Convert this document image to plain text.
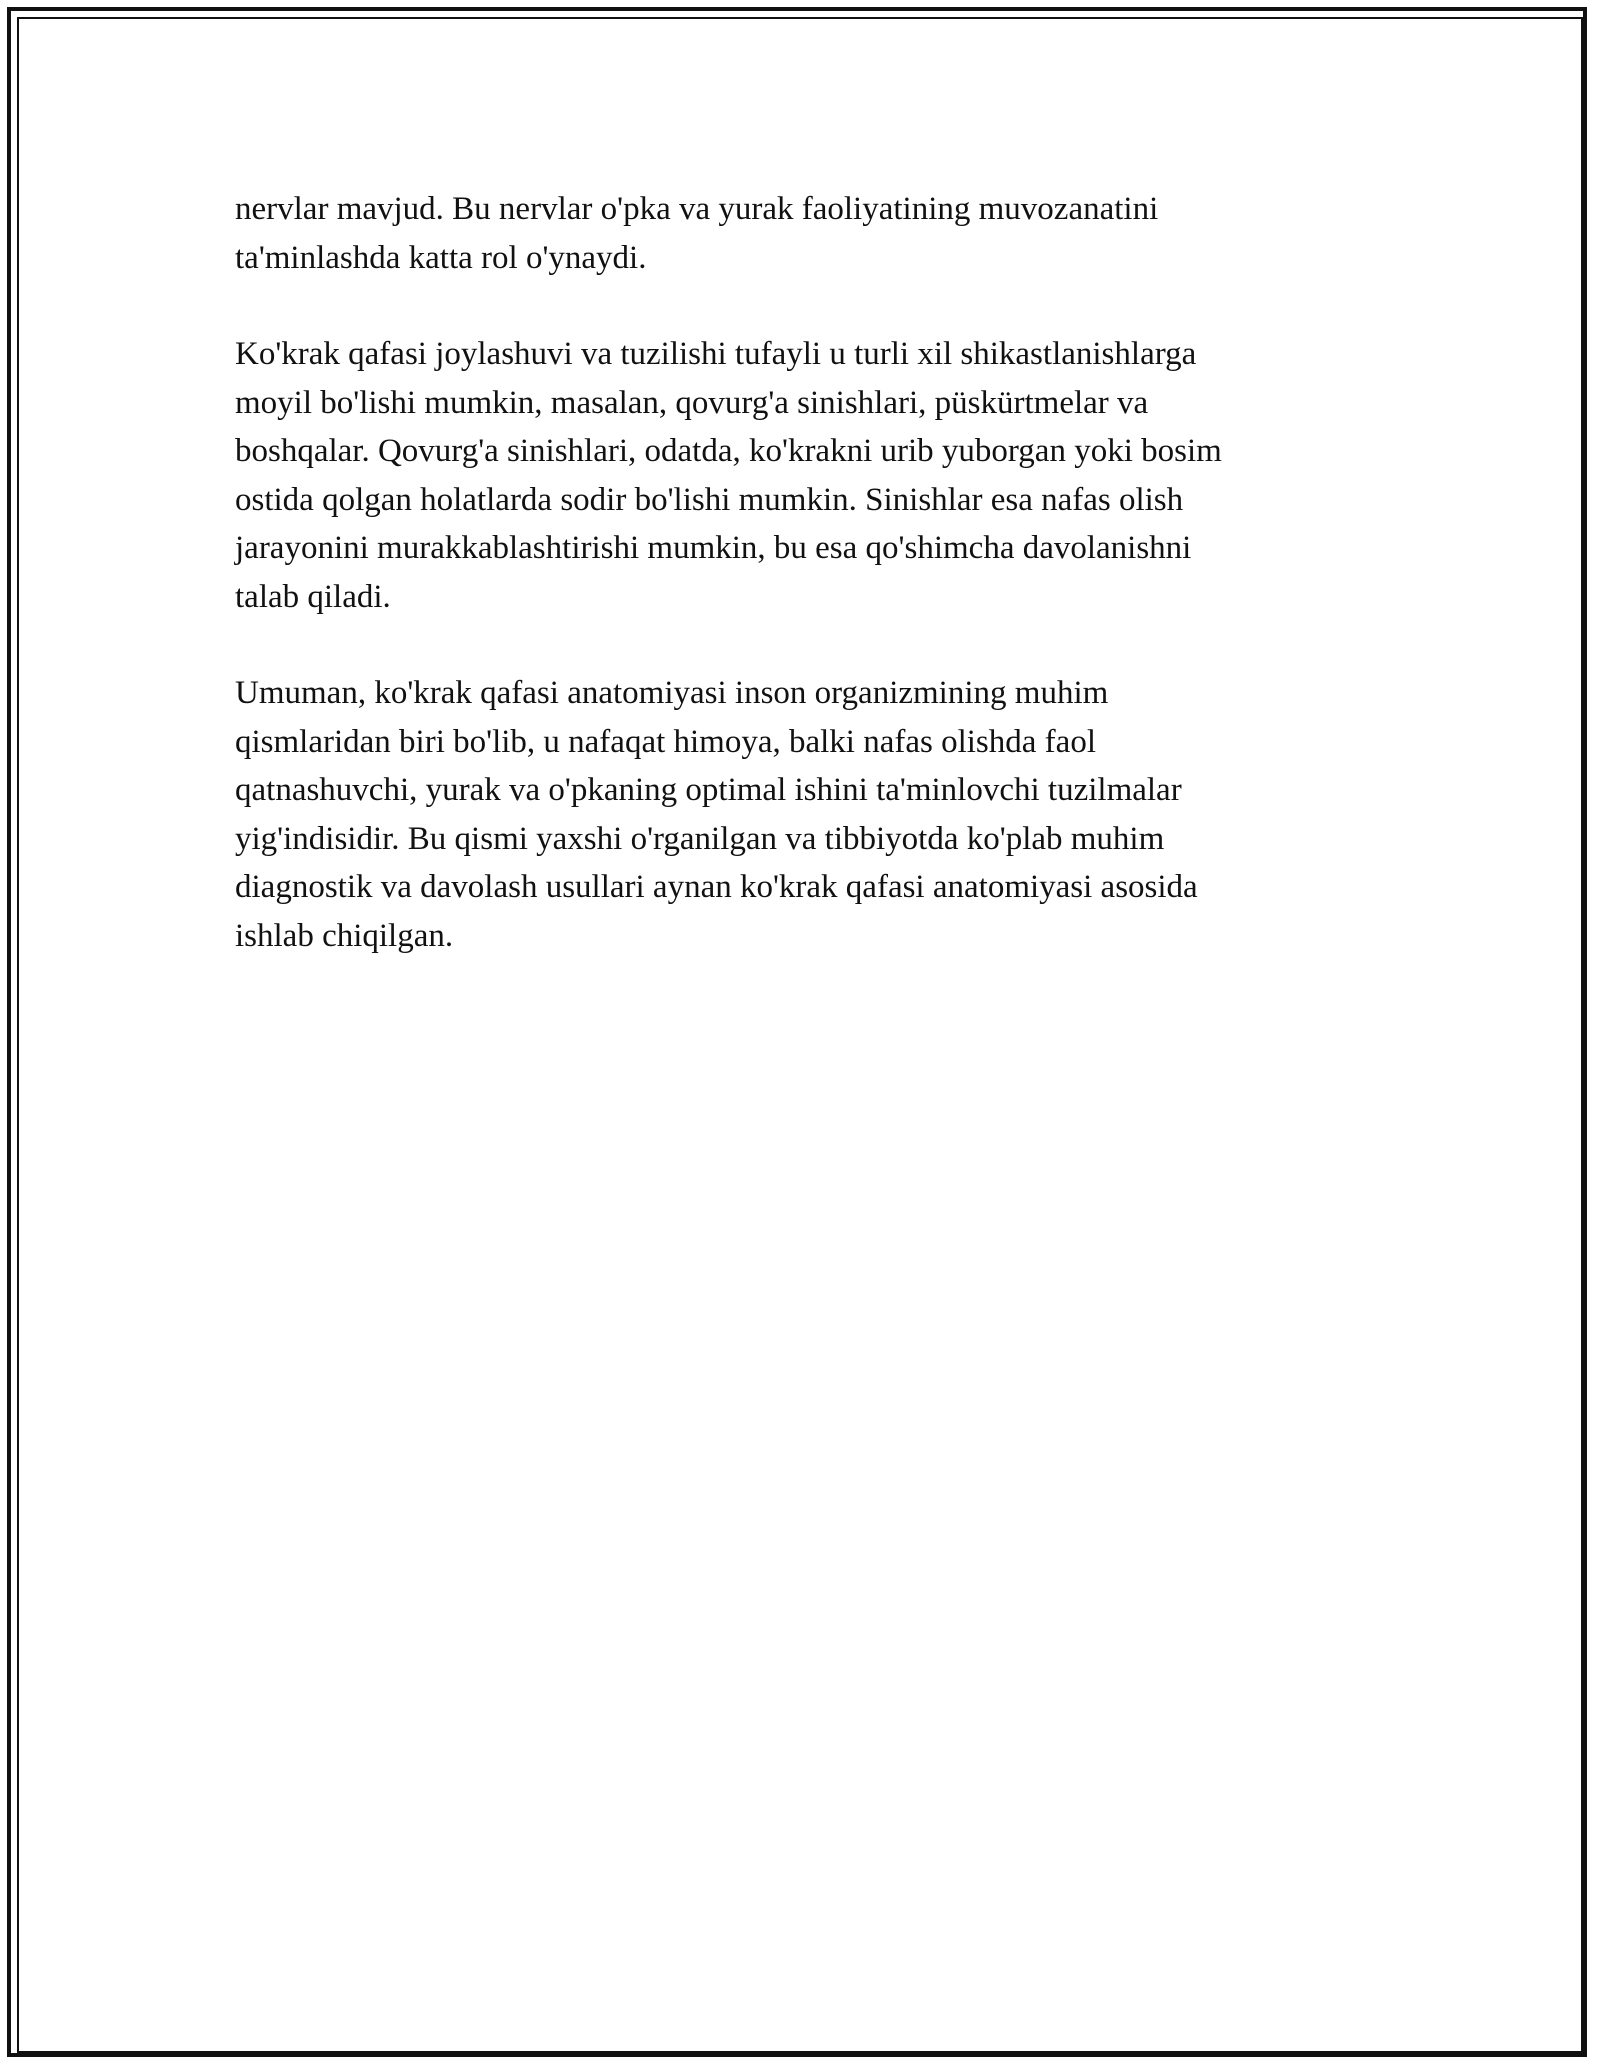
nervlar mavjud. Bu nervlar o'pka va yurak faoliyatining muvozanatini
ta'minlashda katta rol o'ynaydi.

Ko'krak qafasi joylashuvi va tuzilishi tufayli u turli xil shikastlanishlarga
moyil bo'lishi mumkin, masalan, qovurg'a sinishlari, püskürtmelar va
boshqalar. Qovurg'a sinishlari, odatda, ko'krakni urib yuborgan yoki bosim
ostida qolgan holatlarda sodir bo'lishi mumkin. Sinishlar esa nafas olish
jarayonini murakkablashtirishi mumkin, bu esa qo'shimcha davolanishni
talab qiladi.

Umuman, ko'krak qafasi anatomiyasi inson organizmining muhim
qismlaridan biri bo'lib, u nafaqat himoya, balki nafas olishda faol
qatnashuvchi, yurak va o'pkaning optimal ishini ta'minlovchi tuzilmalar
yig'indisidir. Bu qismi yaxshi o'rganilgan va tibbiyotda ko'plab muhim
diagnostik va davolash usullari aynan ko'krak qafasi anatomiyasi asosida
ishlab chiqilgan.
